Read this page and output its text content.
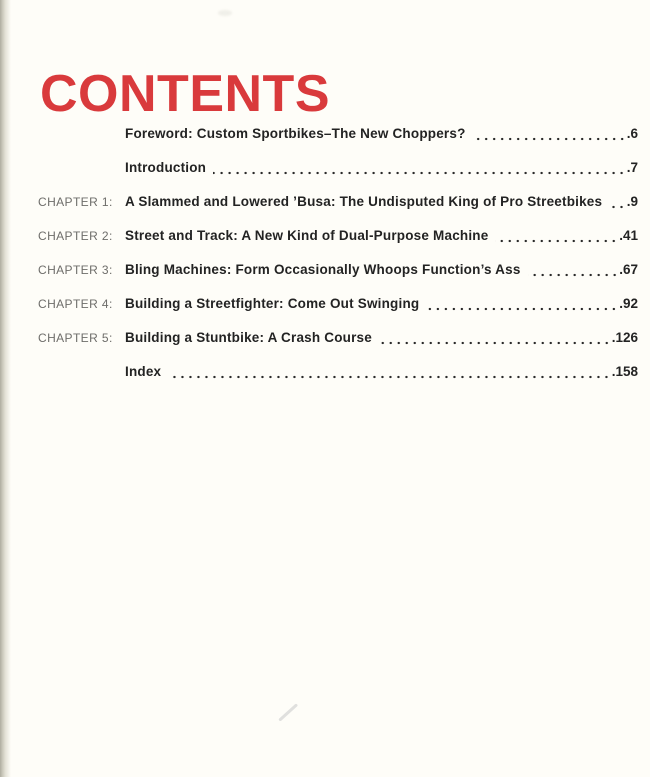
CONTENTS
Foreword: Custom Sportbikes–The New Choppers?	.6
Introduction	.7
CHAPTER 1: A Slammed and Lowered ’Busa: The Undisputed King of Pro Streetbikes .9
CHAPTER 2: Street and Track: A New Kind of Dual-Purpose Machine	.41
CHAPTER 3: Bling Machines: Form Occasionally Whoops Function’s Ass	.67
CHAPTER 4: Building a Streetfighter: Come Out Swinging	.92
CHAPTER 5: Building a Stuntbike: A Crash Course	.126
Index	.158
